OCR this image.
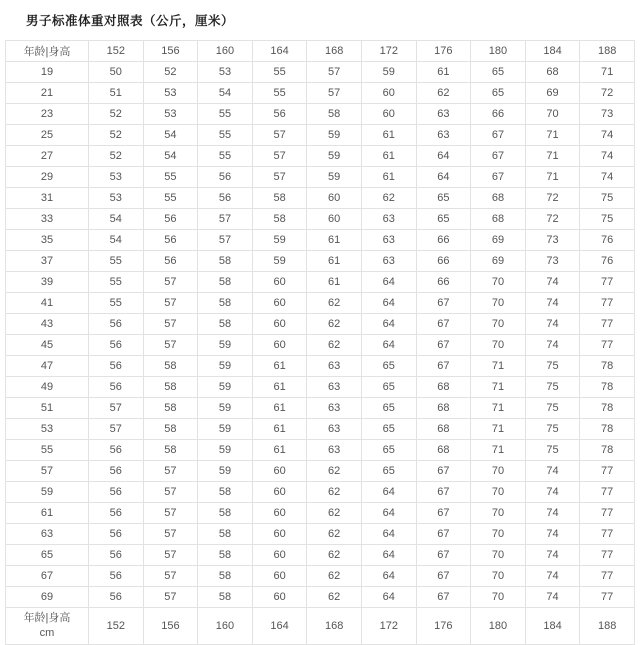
男子标准体重对照表（公斤，厘米）
年龄|身高	152	156	160	164	168	172	176	180	184	188
19	50	52	53	55	57	59	61	65	68	71
21	51	53	54	55	57	60	62	65	69	72
23	52	53	55	56	58	60	63	66	70	73
25	52	54	55	57	59	61	63	67	71	74
27	52	54	55	57	59	61	64	67	71	74
29	53	55	56	57	59	61	64	67	71	74
31	53	55	56	58	60	62	65	68	72	75
33	54	56	57	58	60	63	65	68	72	75
35	54	56	57	59	61	63	66	69	73	76
37	55	56	58	59	61	63	66	69	73	76
39	55	57	58	60	61	64	66	70	74	77
41	55	57	58	60	62	64	67	70	74	77
43	56	57	58	60	62	64	67	70	74	77
45	56	57	59	60	62	64	67	70	74	77
47	56	58	59	61	63	65	67	71	75	78
49	56	58	59	61	63	65	68	71	75	78
51	57	58	59	61	63	65	68	71	75	78
53	57	58	59	61	63	65	68	71	75	78
55	56	58	59	61	63	65	68	71	75	78
57	56	57	59	60	62	65	67	70	74	77
59	56	57	58	60	62	64	67	70	74	77
61	56	57	58	60	62	64	67	70	74	77
63	56	57	58	60	62	64	67	70	74	77
65	56	57	58	60	62	64	67	70	74	77
67	56	57	58	60	62	64	67	70	74	77
69	56	57	58	60	62	64	67	70	74	77

年龄|身高
cm	152	156	160	164	168	172	176	180	184	188
